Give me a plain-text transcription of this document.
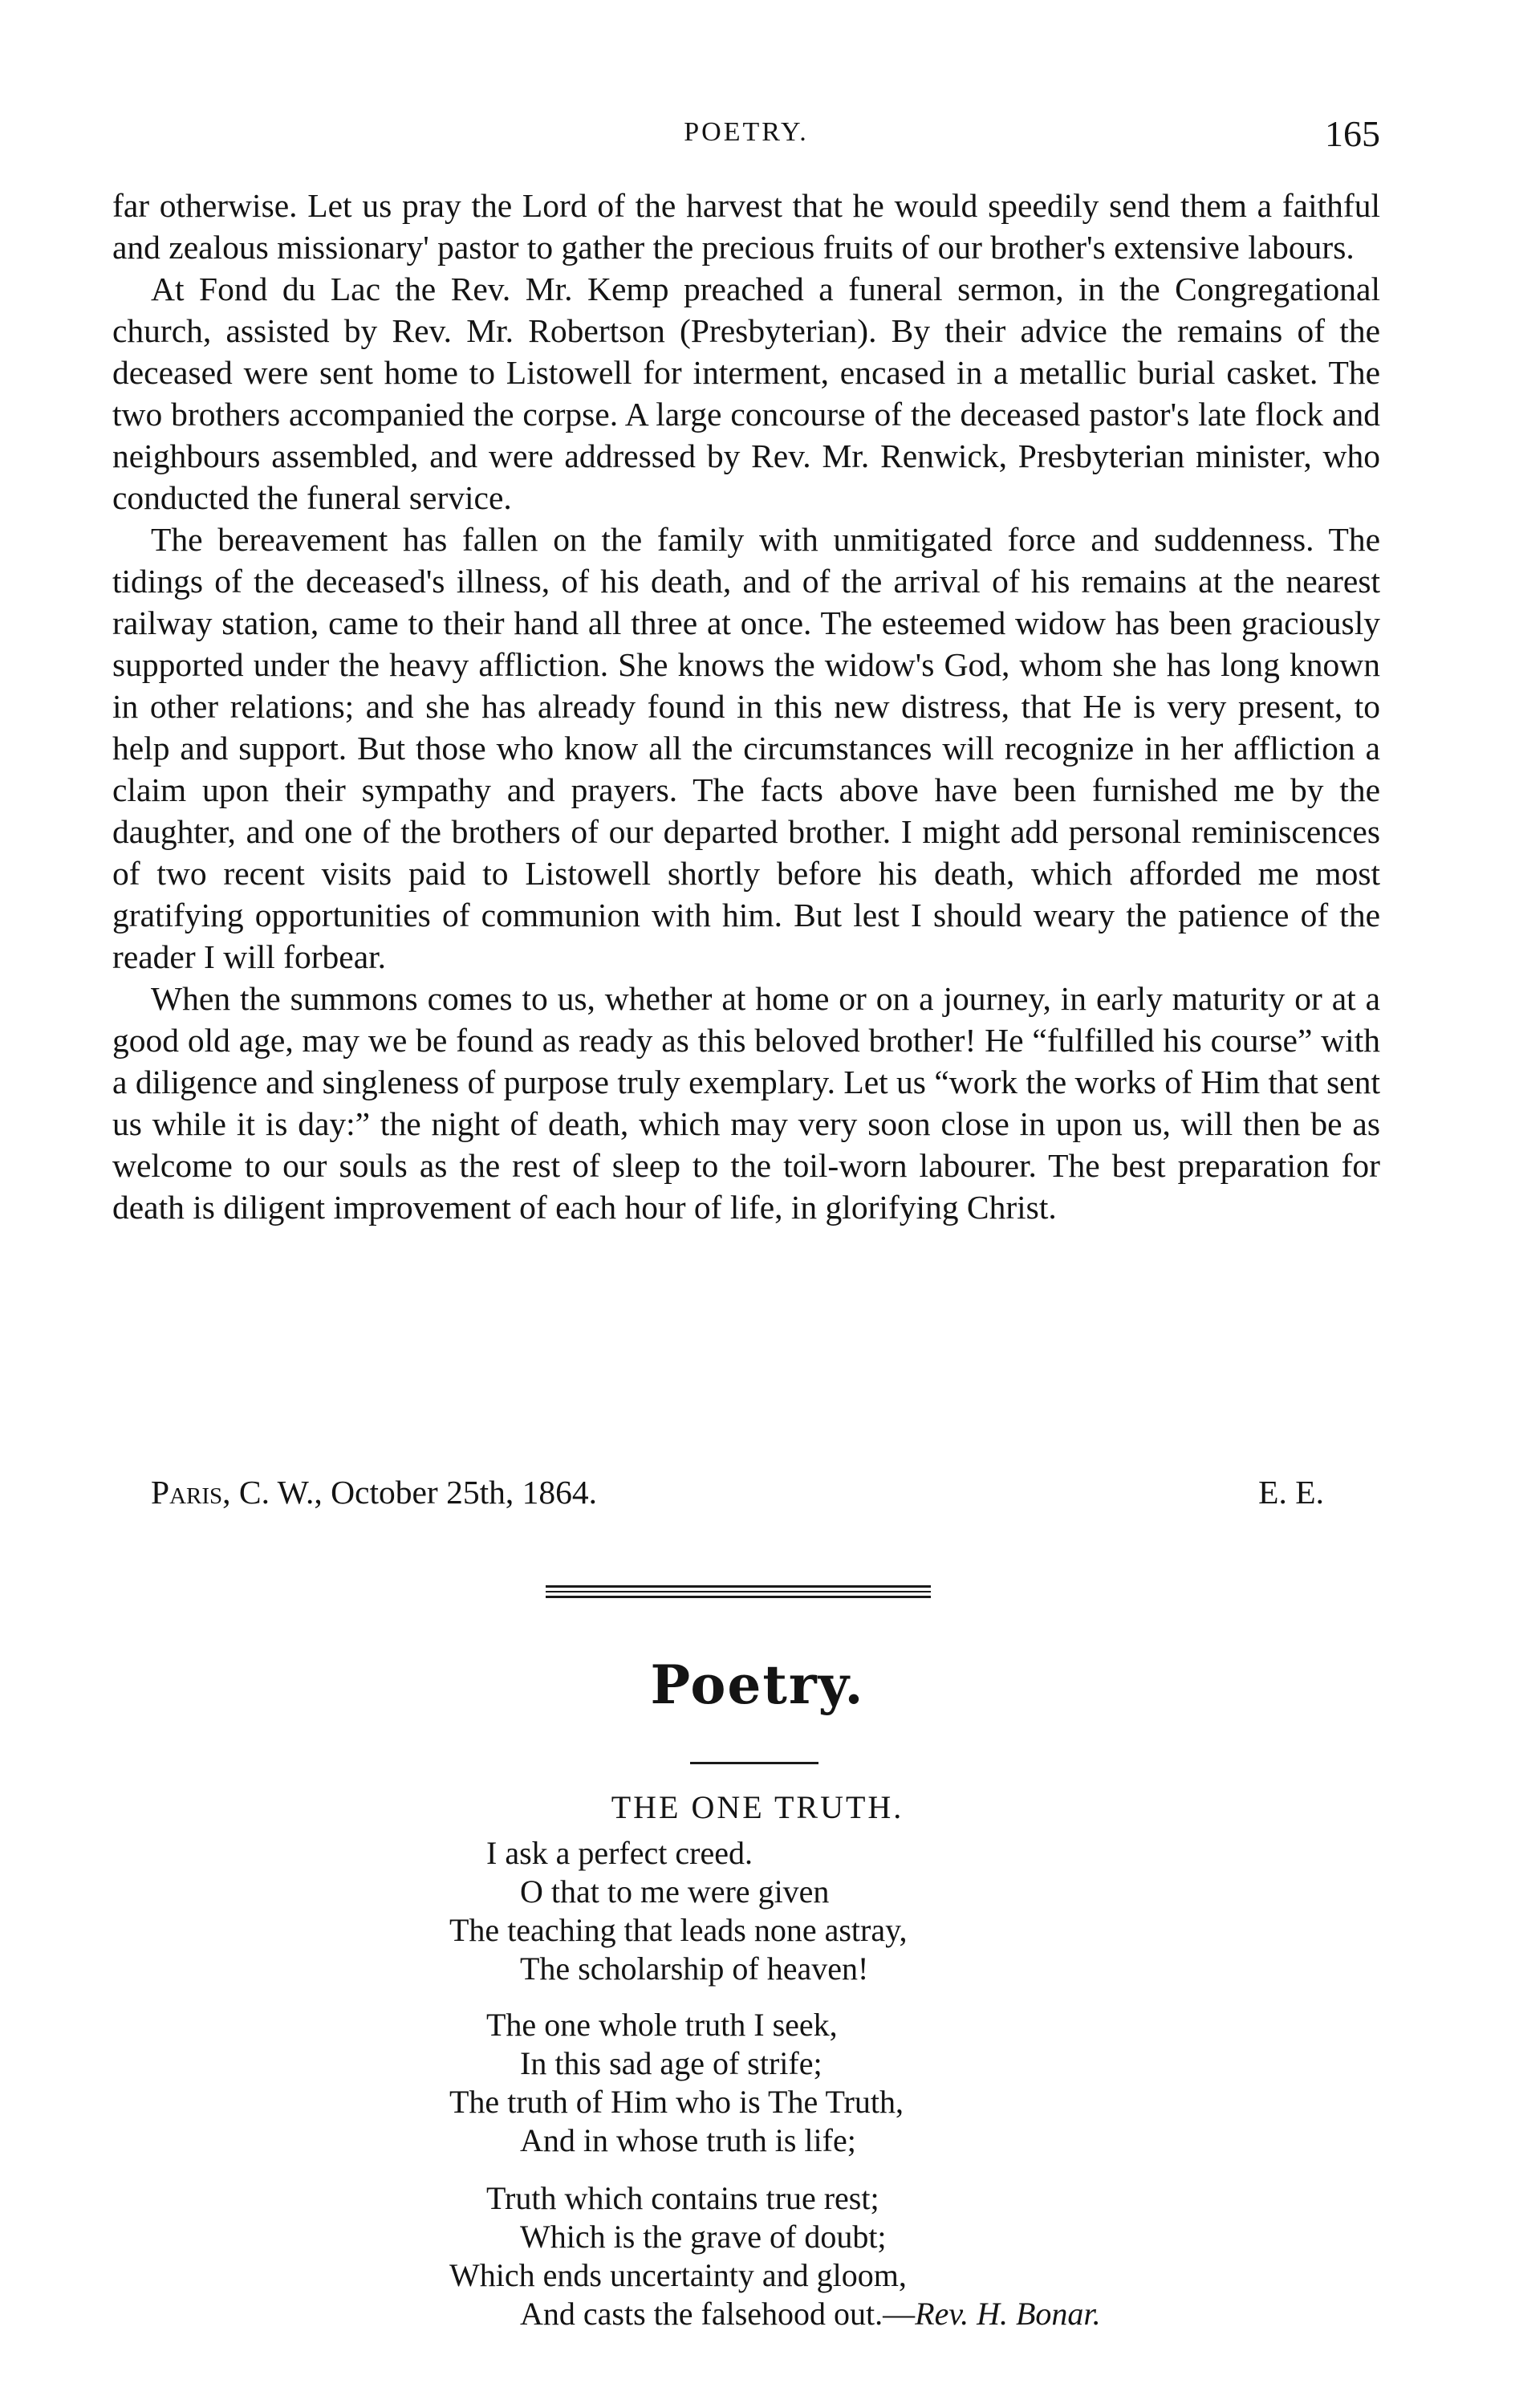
POETRY.	165

far otherwise. Let us pray the Lord of the harvest that he would speedily send them a faithful and zealous missionary' pastor to gather the precious fruits of our brother's extensive labours.

At Fond du Lac the Rev. Mr. Kemp preached a funeral sermon, in the Congregational church, assisted by Rev. Mr. Robertson (Presbyterian). By their advice the remains of the deceased were sent home to Listowell for interment, encased in a metallic burial casket. The two brothers accompanied the corpse. A large concourse of the deceased pastor's late flock and neighbours assembled, and were addressed by Rev. Mr. Renwick, Presbyterian minister, who conducted the funeral service.

The bereavement has fallen on the family with unmitigated force and suddenness. The tidings of the deceased's illness, of his death, and of the arrival of his remains at the nearest railway station, came to their hand all three at once. The esteemed widow has been graciously supported under the heavy affliction. She knows the widow's God, whom she has long known in other relations; and she has already found in this new distress, that He is very present, to help and support. But those who know all the circumstances will recognize in her affliction a claim upon their sympathy and prayers. The facts above have been furnished me by the daughter, and one of the brothers of our departed brother. I might add personal reminiscences of two recent visits paid to Listowell shortly before his death, which afforded me most gratifying opportunities of communion with him. But lest I should weary the patience of the reader I will forbear.

When the summons comes to us, whether at home or on a journey, in early maturity or at a good old age, may we be found as ready as this beloved brother! He “fulfilled his course” with a diligence and singleness of purpose truly exemplary. Let us “work the works of Him that sent us while it is day:” the night of death, which may very soon close in upon us, will then be as welcome to our souls as the rest of sleep to the toil-worn labourer. The best preparation for death is diligent improvement of each hour of life, in glorifying Christ.

Paris, C. W., October 25th, 1864.	E. E.
Poetry.
THE ONE TRUTH.
I ask a perfect creed.
O that to me were given
The teaching that leads none astray,
The scholarship of heaven!
The one whole truth I seek,
In this sad age of strife;
The truth of Him who is The Truth,
And in whose truth is life;
Truth which contains true rest;
Which is the grave of doubt;
Which ends uncertainty and gloom,
And casts the falsehood out.—Rev. H. Bonar.
